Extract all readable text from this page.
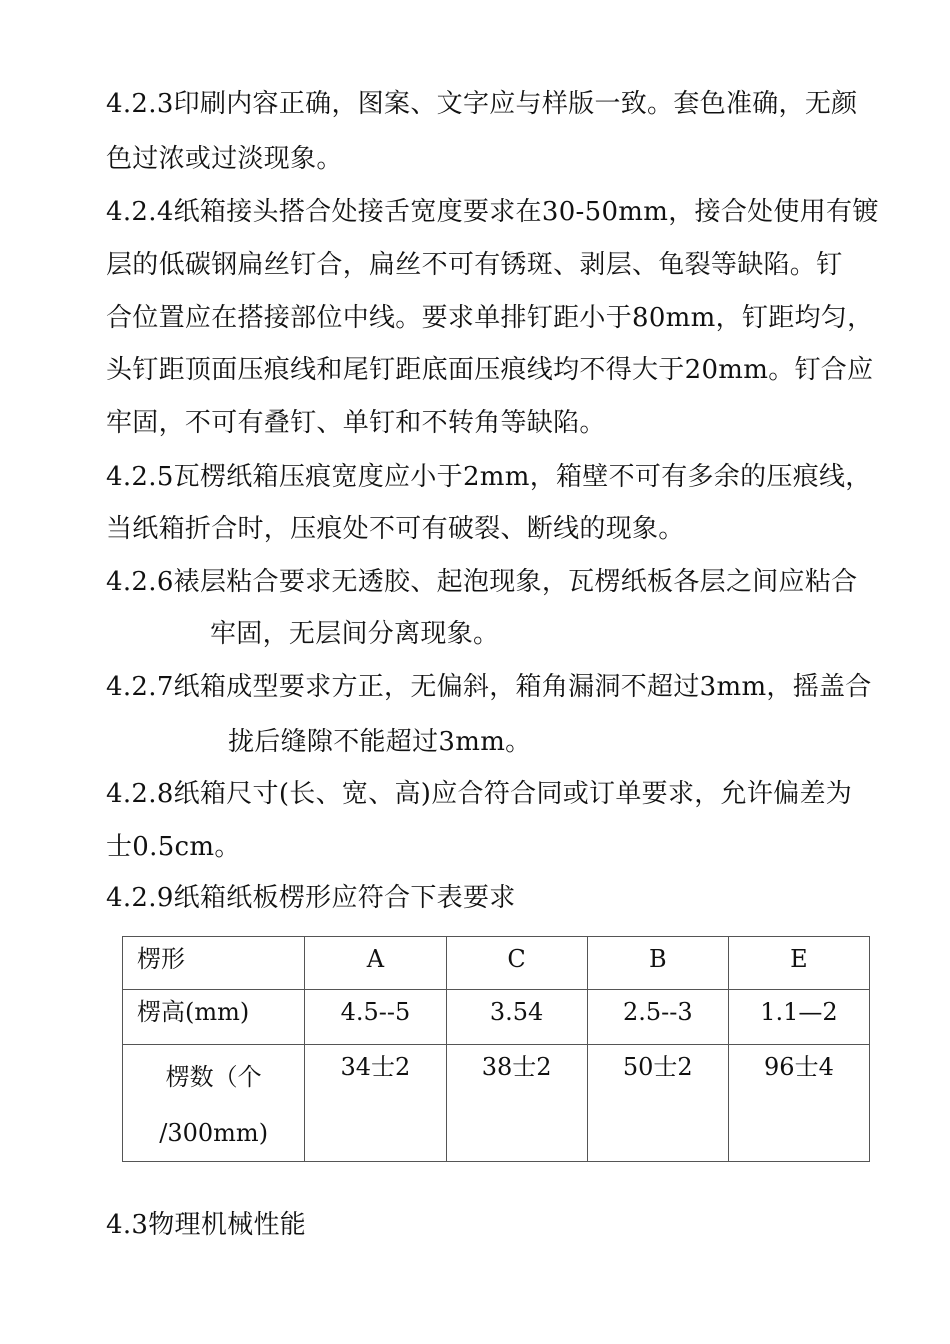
4.2.3印刷内容正确，图案、文字应与样版一致。套色准确，无颜
色过浓或过淡现象。
4.2.4纸箱接头搭合处接舌宽度要求在30-50mm，接合处使用有镀
层的低碳钢扁丝钉合，扁丝不可有锈斑、剥层、龟裂等缺陷。钉
合位置应在搭接部位中线。要求单排钉距小于80mm，钉距均匀，
头钉距顶面压痕线和尾钉距底面压痕线均不得大于20mm。钉合应
牢固，不可有叠钉、单钉和不转角等缺陷。
4.2.5瓦楞纸箱压痕宽度应小于2mm，箱壁不可有多余的压痕线，
当纸箱折合时，压痕处不可有破裂、断线的现象。
4.2.6裱层粘合要求无透胶、起泡现象，瓦楞纸板各层之间应粘合
牢固，无层间分离现象。
4.2.7纸箱成型要求方正，无偏斜，箱角漏洞不超过3mm，摇盖合
拢后缝隙不能超过3mm。
4.2.8纸箱尺寸(长、宽、高)应合符合同或订单要求，允许偏差为
士0.5cm。
4.2.9纸箱纸板楞形应符合下表要求
楞形	A	C	B	E

楞高(mm)	4.5--5	3.54	2.5--3	1.1—2

楞数（个
/300mm)	34士2	38士2	50士2	96士4
4.3物理机械性能
